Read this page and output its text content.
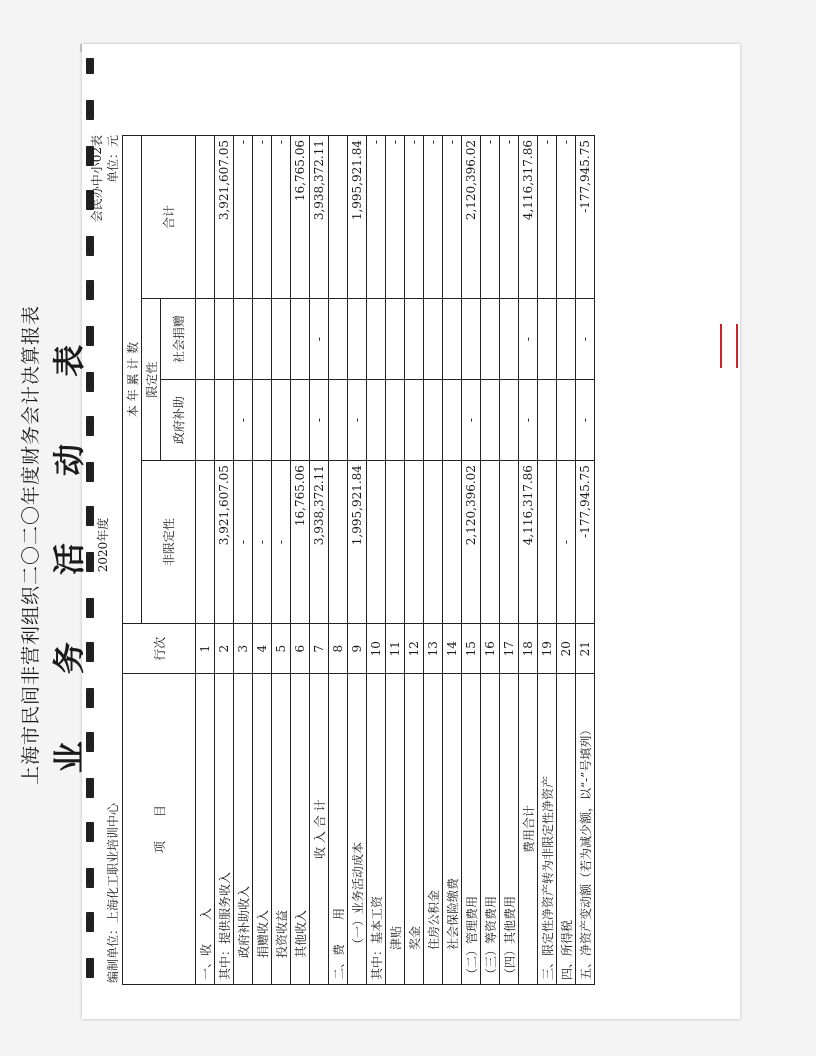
上海市民间非营利组织二〇二〇年度财务会计决算报表 业 务 活 动 表 2020年度
会民办中小02表 单位：元
编制单位：上海化工职业培训中心	项　　目	行次	本 年 累 计 数			
		非限定性	限定性		合计
			政府补助	社会捐赠	
一、收　　入	1				
其中：提供服务收入	2	3,921,607.05			3,921,607.05
政府补助收入	3	-	-		-
捐赠收入	4	-			-
投资收益	5	-			-
其他收入	6	16,765.06			16,765.06
收 入 合 计	7	3,938,372.11	-	-	3,938,372.11
二、费　　用	8				
（一）业务活动成本	9	1,995,921.84	-		1,995,921.84
其中：基本工资	10				-
津贴	11				-
奖金	12				-
住房公积金	13				-
社会保险缴费	14				-
（二）管理费用	15	2,120,396.02	-		2,120,396.02
（三）筹资费用	16				-
（四）其他费用	17				-
费用合计	18	4,116,317.86	-	-	4,116,317.86
三、限定性净资产转为非限定性净资产	19				-
四、所得税	20	-			-
五、净资产变动额（若为减少额，以“-”号填列）	21	-177,945.75	-	-	-177,945.75
